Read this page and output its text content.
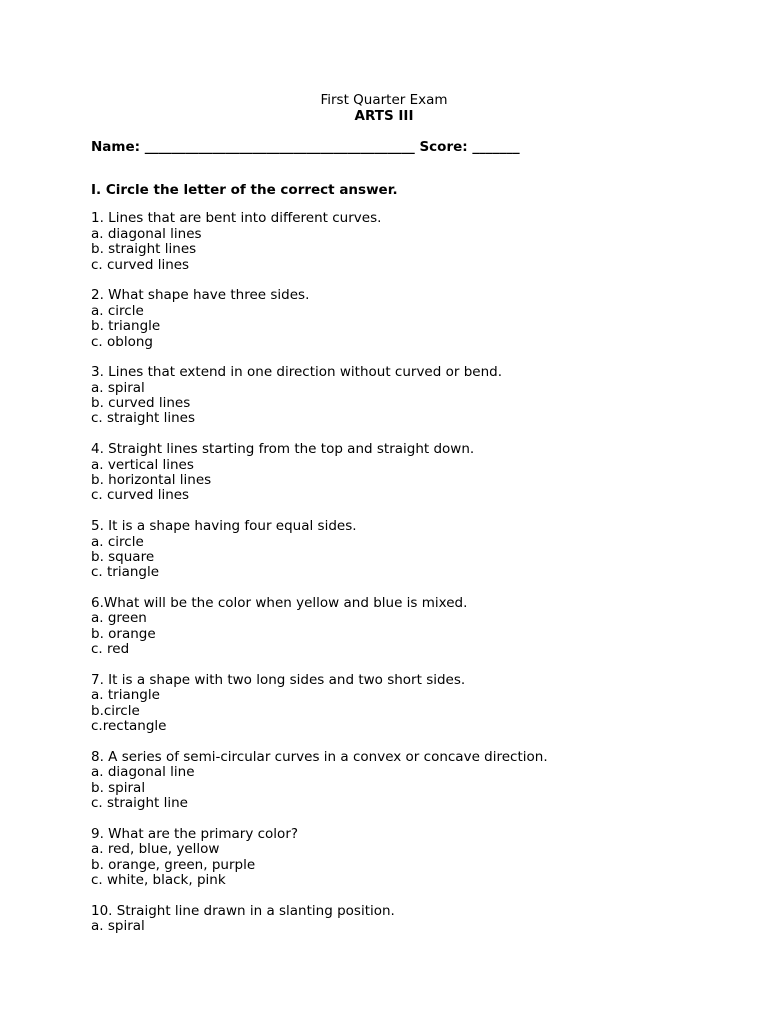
First Quarter Exam
ARTS III
Name: ________________________________________ Score: _______
I. Circle the letter of the correct answer.
1. Lines that are bent into different curves.
a. diagonal lines
b. straight lines
c. curved lines
2. What shape have three sides.
a. circle
b. triangle
c. oblong
3. Lines that extend in one direction without curved or bend.
a. spiral
b. curved lines
c. straight lines
4. Straight lines starting from the top and straight down.
a. vertical lines
b. horizontal lines
c. curved lines
5. It is a shape having four equal sides.
a. circle
b. square
c. triangle
6.What will be the color when yellow and blue is mixed.
a. green
b. orange
c. red
7. It is a shape with two long sides and two short sides.
a. triangle
b.circle
c.rectangle
8. A series of semi-circular curves in a convex or concave direction.
a. diagonal line
b. spiral
c. straight line
9. What are the primary color?
a. red, blue, yellow
b. orange, green, purple
c. white, black, pink
10. Straight line drawn in a slanting position.
a. spiral
